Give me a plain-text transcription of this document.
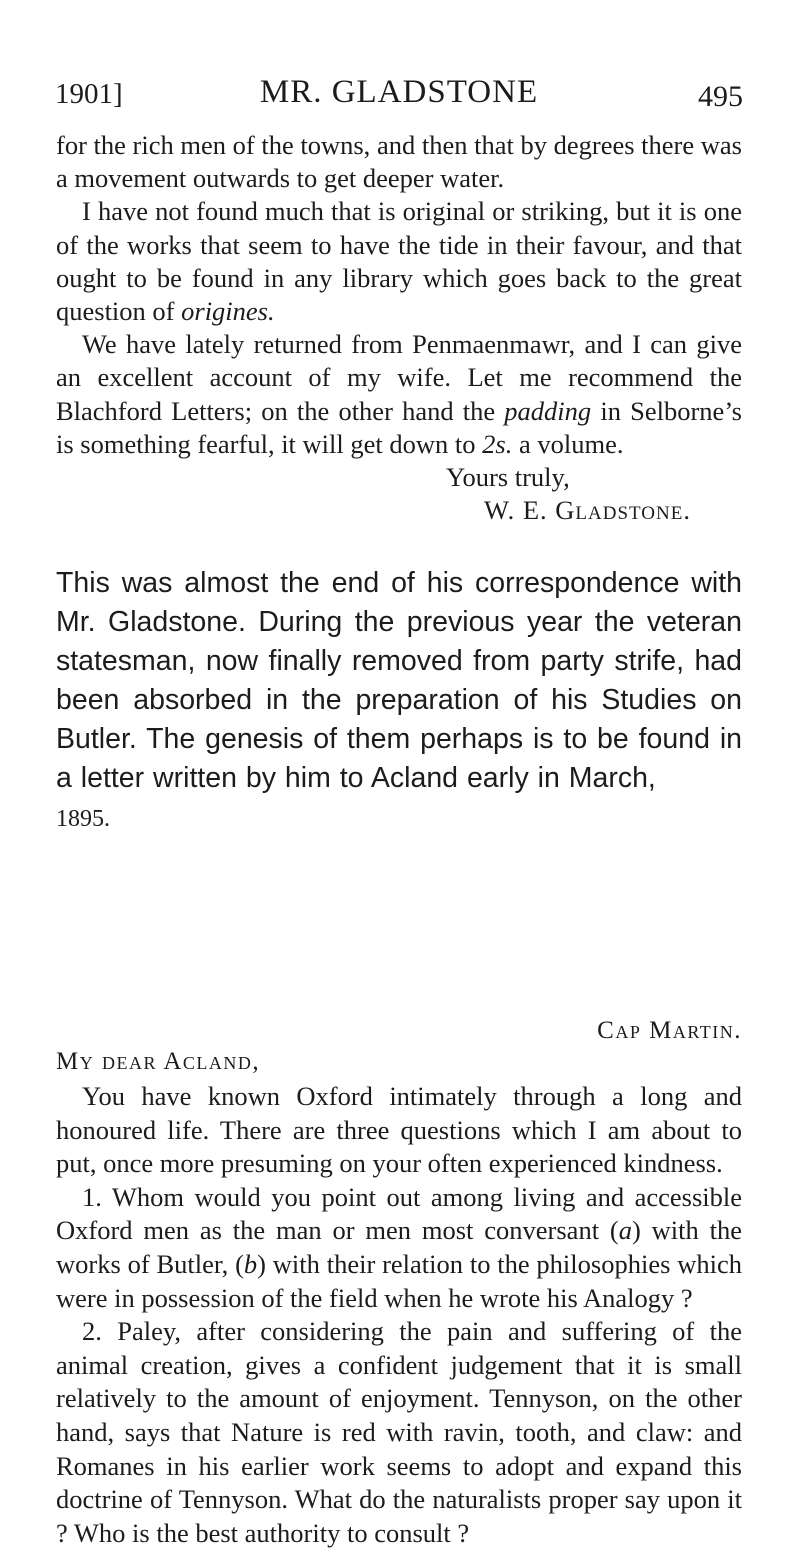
1901]	MR. GLADSTONE	495

for the rich men of the towns, and then that by degrees there was a movement outwards to get deeper water.

I have not found much that is original or striking, but it is one of the works that seem to have the tide in their favour, and that ought to be found in any library which goes back to the great question of origines.

We have lately returned from Penmaenmawr, and I can give an excellent account of my wife. Let me recommend the Blachford Letters; on the other hand the padding in Selborne’s is something fearful, it will get down to 2s. a volume.

Yours truly,

W. E. Gladstone.

This was almost the end of his correspondence with Mr. Gladstone. During the previous year the veteran statesman, now finally removed from party strife, had been absorbed in the preparation of his Studies on Butler. The genesis of them perhaps is to be found in a letter written by him to Acland early in March,
1895.

Cap Martin.
My dear Acland,

You have known Oxford intimately through a long and honoured life. There are three questions which I am about to put, once more presuming on your often experienced kindness.

1. Whom would you point out among living and accessible Oxford men as the man or men most conversant (a) with the works of Butler, (b) with their relation to the philosophies which were in possession of the field when he wrote his Analogy ?

2. Paley, after considering the pain and suffering of the animal creation, gives a confident judgement that it is small relatively to the amount of enjoyment. Tennyson, on the other hand, says that Nature is red with ravin, tooth, and claw: and Romanes in his earlier work seems to adopt and expand this doctrine of Tennyson. What do the naturalists proper say upon it ? Who is the best authority to consult ?
